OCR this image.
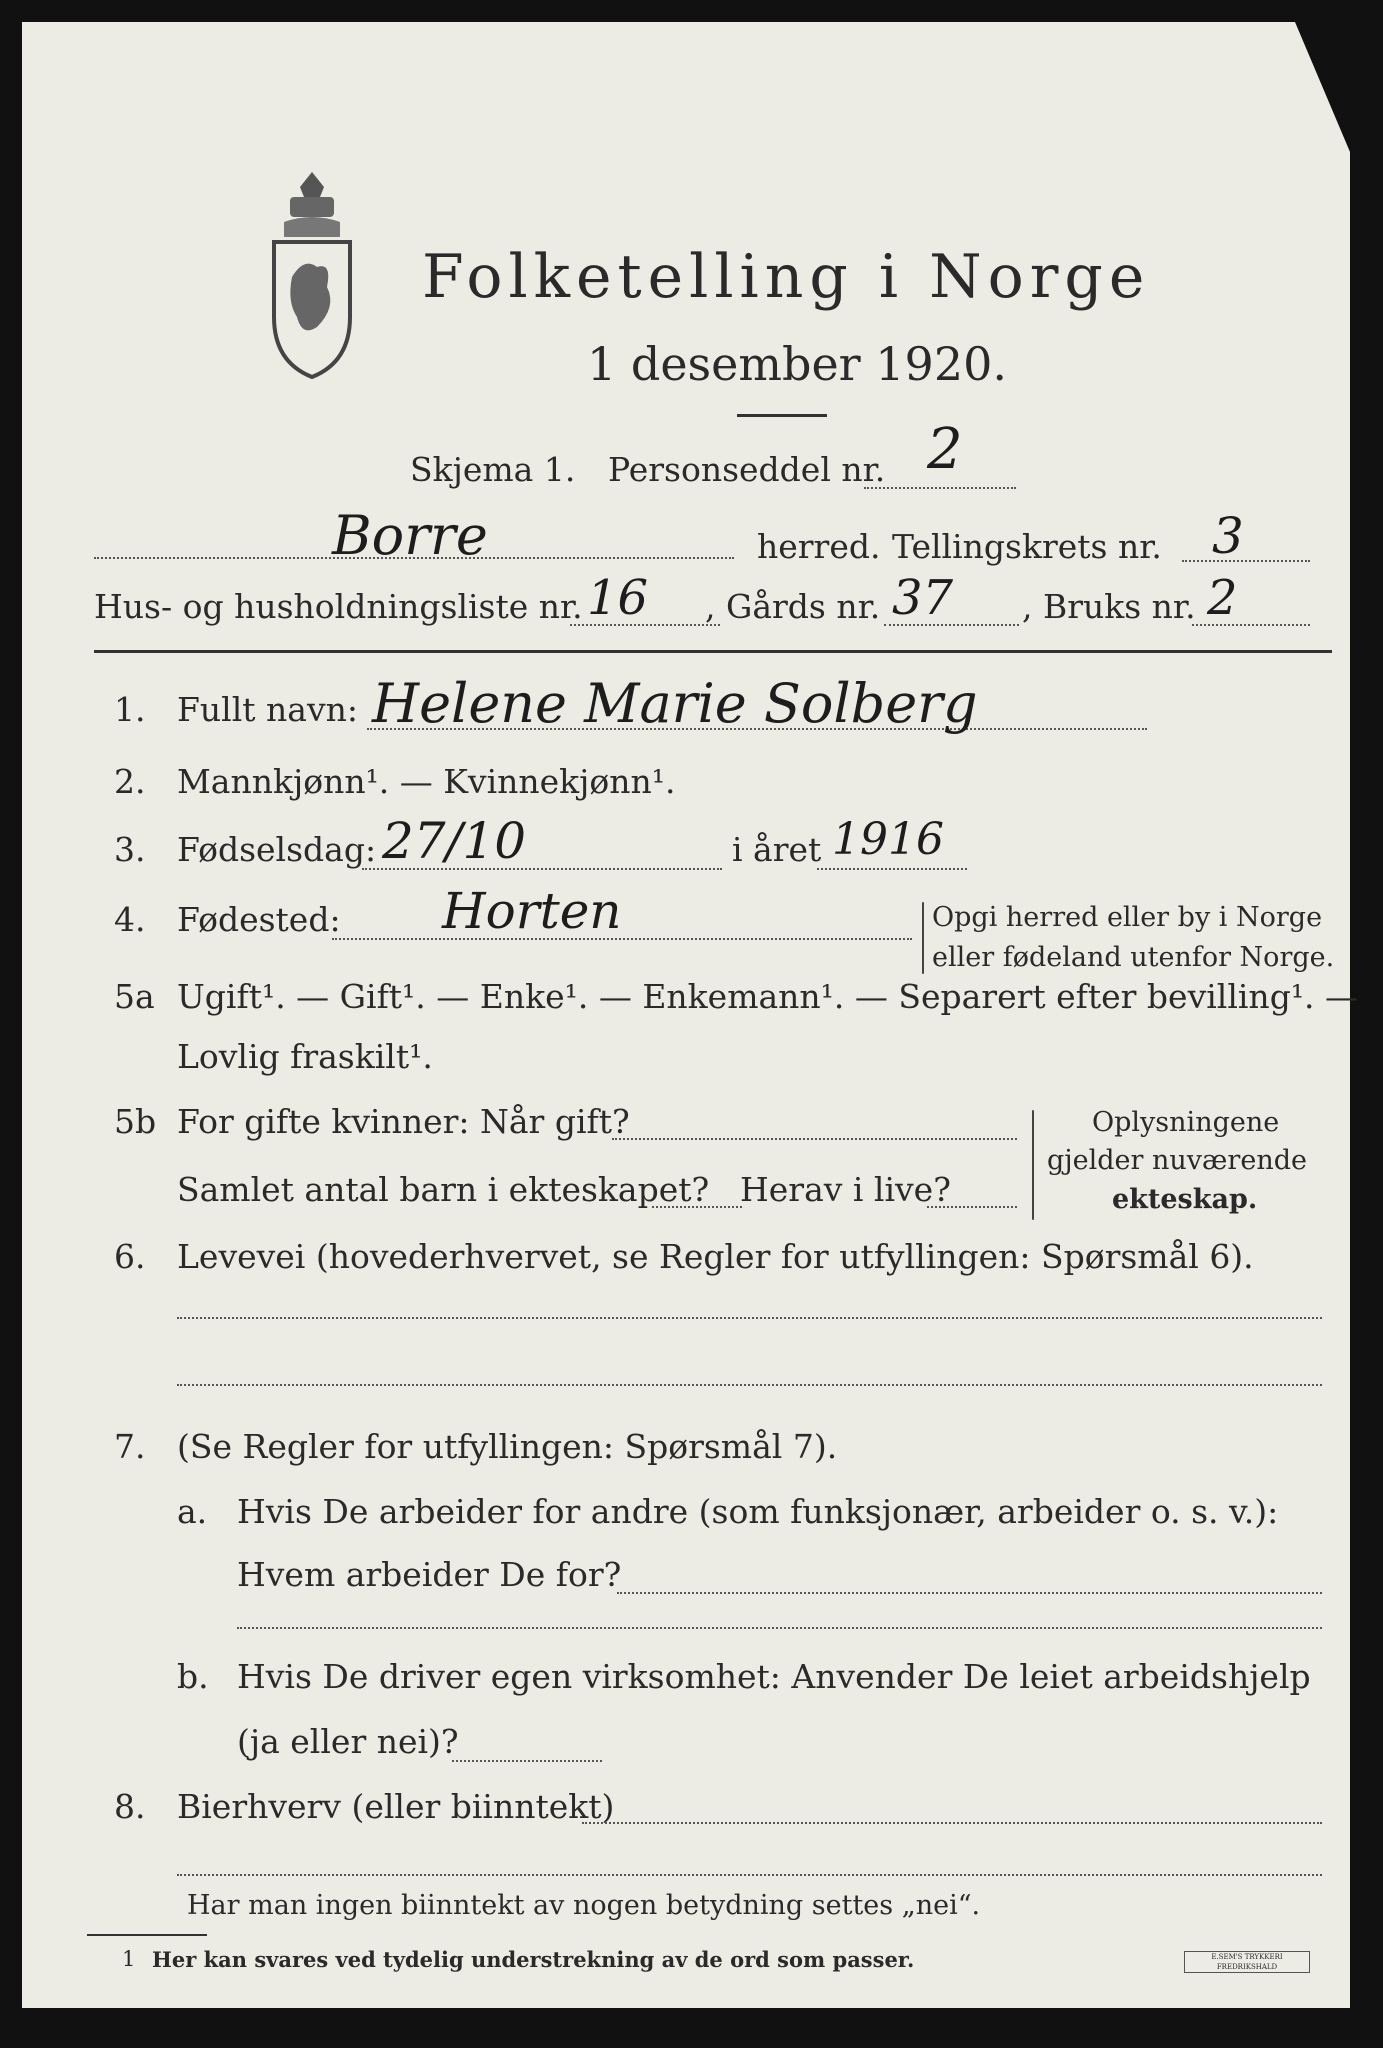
Folketelling i Norge
1 desember 1920.
Skjema 1. Personseddel nr. 2
Borre	herred. Tellingskrets nr. 3
Hus- og husholdningsliste nr. 16 , Gårds nr. 37 , Bruks nr. 2
1. Fullt navn: Helene Marie Solberg
2. Mannkjønn¹. — Kvinnekjønn¹.
3. Fødselsdag: 27/10	i året 1916
4. Fødested: Horten	Opgi herred eller by i Norge
eller fødeland utenfor Norge.
5a Ugift¹. — Gift¹. — Enke¹. — Enkemann¹. — Separert efter bevilling¹. —
Lovlig fraskilt¹.
5b For gifte kvinner: Når gift?
Samlet antal barn i ekteskapet? Herav i live?
Oplysningene
gjelder nuværende
ekteskap.
6. Levevei (hovederhvervet, se Regler for utfyllingen: Spørsmål 6).
7. (Se Regler for utfyllingen: Spørsmål 7).
a. Hvis De arbeider for andre (som funksjonær, arbeider o. s. v.):
Hvem arbeider De for?
b. Hvis De driver egen virksomhet: Anvender De leiet arbeidshjelp
(ja eller nei)?
8. Bierhverv (eller biinntekt)
Har man ingen biinntekt av nogen betydning settes „nei“.
1 Her kan svares ved tydelig understrekning av de ord som passer.	E.SEM'S TRYKKERI FREDRIKSHALD
